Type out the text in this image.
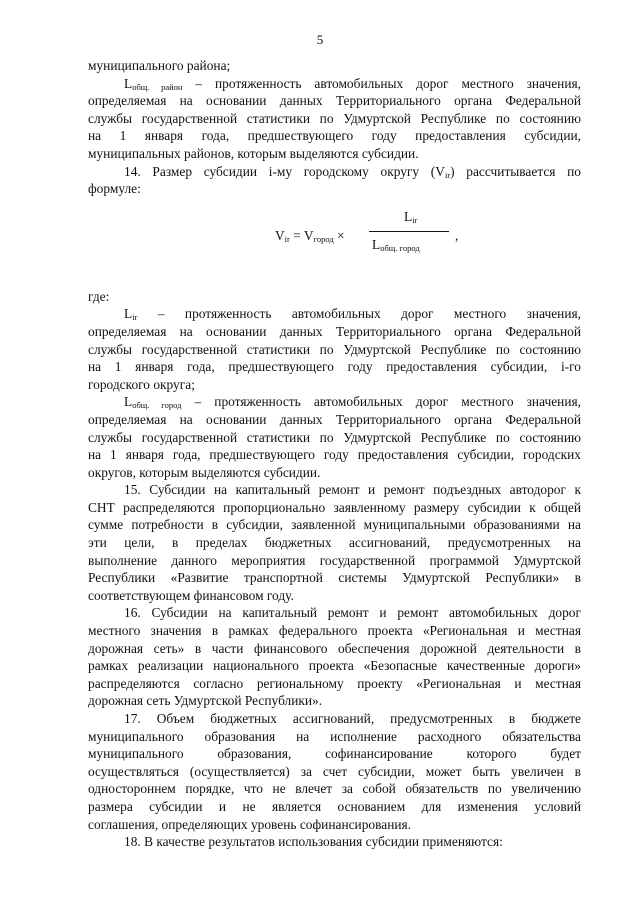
5
муниципального района;
$L_{общ. район}$ – протяженность автомобильных дорог местного значения,
определяемая на основании данных Территориального органа Федеральной
службы государственной статистики по Удмуртской Республике по состоянию
на 1 января года, предшествующего году предоставления субсидии,
муниципальных районов, которым выделяются субсидии.
14. Размер субсидии i-му городскому округу $(V_{ir})$ рассчитывается по
формуле:
$V_{ir} = V_{город}$ ×
$L_{ir}$
$L_{общ. город}$
,
где:
$L_{ir}$ – протяженность автомобильных дорог местного значения,
определяемая на основании данных Территориального органа Федеральной
службы государственной статистики по Удмуртской Республике по состоянию
на 1 января года, предшествующего году предоставления субсидии, i-го
городского округа;
$L_{общ. город}$ – протяженность автомобильных дорог местного значения,
определяемая на основании данных Территориального органа Федеральной
службы государственной статистики по Удмуртской Республике по состоянию
на 1 января года, предшествующего году предоставления субсидии, городских
округов, которым выделяются субсидии.
15. Субсидии на капитальный ремонт и ремонт подъездных автодорог к
СНТ распределяются пропорционально заявленному размеру субсидии к общей
сумме потребности в субсидии, заявленной муниципальными образованиями на
эти цели, в пределах бюджетных ассигнований, предусмотренных на
выполнение данного мероприятия государственной программой Удмуртской
Республики «Развитие транспортной системы Удмуртской Республики» в
соответствующем финансовом году.
16. Субсидии на капитальный ремонт и ремонт автомобильных дорог
местного значения в рамках федерального проекта «Региональная и местная
дорожная сеть» в части финансового обеспечения дорожной деятельности в
рамках реализации национального проекта «Безопасные качественные дороги»
распределяются согласно региональному проекту «Региональная и местная
дорожная сеть Удмуртской Республики».
17. Объем бюджетных ассигнований, предусмотренных в бюджете
муниципального образования на исполнение расходного обязательства
муниципального образования, софинансирование которого будет
осуществляться (осуществляется) за счет субсидии, может быть увеличен в
одностороннем порядке, что не влечет за собой обязательств по увеличению
размера субсидии и не является основанием для изменения условий
соглашения, определяющих уровень софинансирования.
18. В качестве результатов использования субсидии применяются:
